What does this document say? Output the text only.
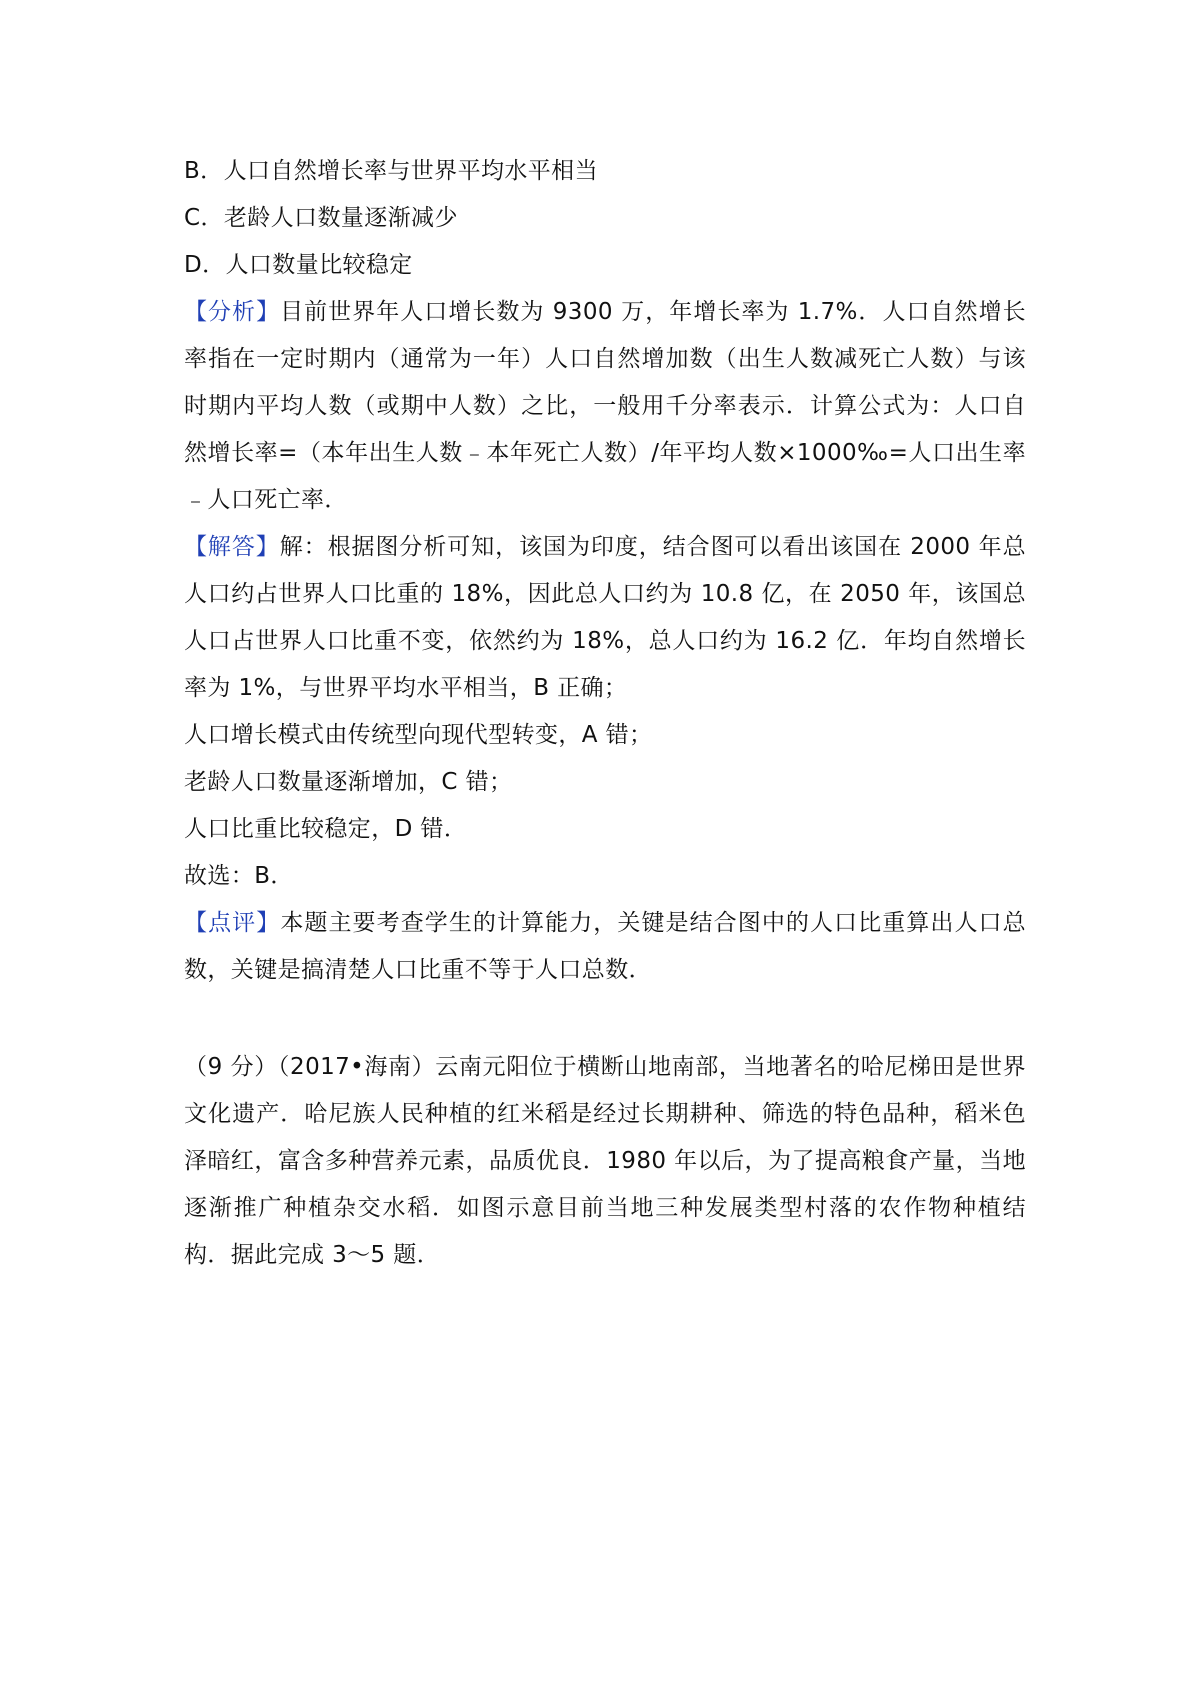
B．人口自然增长率与世界平均水平相当
C．老龄人口数量逐渐减少
D．人口数量比较稳定

【分析】目前世界年人口增长数为 9300 万，年增长率为 1.7%．人口自然增长率指在一定时期内（通常为一年）人口自然增加数（出生人数减死亡人数）与该时期内平均人数（或期中人数）之比，一般用千分率表示．计算公式为：人口自然增长率=（本年出生人数﹣本年死亡人数）/年平均人数×1000‰=人口出生率﹣人口死亡率．

【解答】解：根据图分析可知，该国为印度，结合图可以看出该国在 2000 年总人口约占世界人口比重的 18%，因此总人口约为 10.8 亿，在 2050 年，该国总人口占世界人口比重不变，依然约为 18%，总人口约为 16.2 亿．年均自然增长率为 1%，与世界平均水平相当，B 正确；

人口增长模式由传统型向现代型转变，A 错；
老龄人口数量逐渐增加，C 错；
人口比重比较稳定，D 错．
故选：B．

【点评】本题主要考查学生的计算能力，关键是结合图中的人口比重算出人口总数，关键是搞清楚人口比重不等于人口总数．

（9 分）（2017•海南）云南元阳位于横断山地南部，当地著名的哈尼梯田是世界文化遗产．哈尼族人民种植的红米稻是经过长期耕种、筛选的特色品种，稻米色泽暗红，富含多种营养元素，品质优良．1980 年以后，为了提高粮食产量，当地逐渐推广种植杂交水稻．如图示意目前当地三种发展类型村落的农作物种植结构．据此完成 3～5 题．
